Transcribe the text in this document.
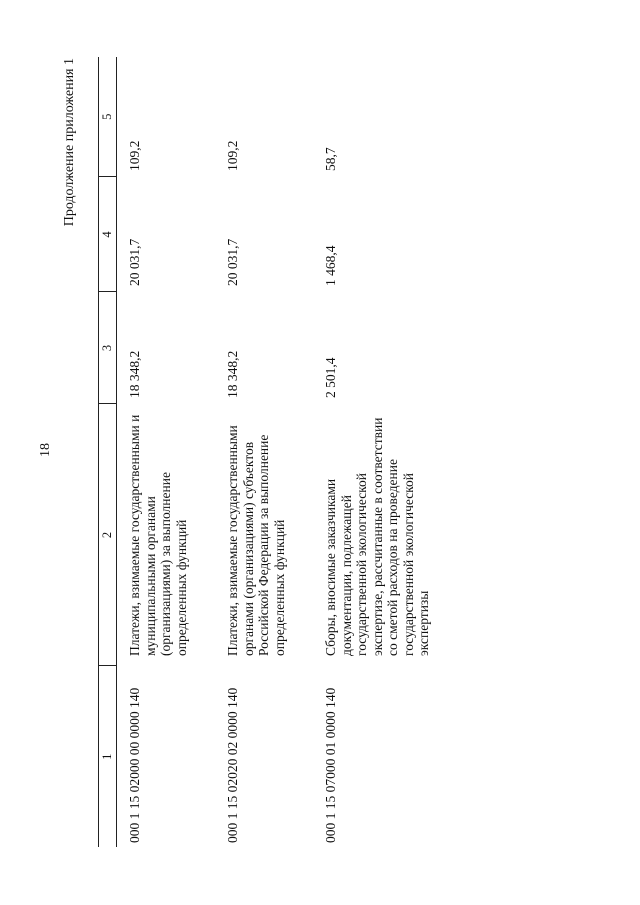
18
Продолжение приложения 1
1	2	3	4	5
000 1 15 02000 00 0000 140	Платежи, взимаемые государственными и муниципальными органами (организациями) за выполнение определенных функций	18 348,2	20 031,7	109,2
000 1 15 02020 02 0000 140	Платежи, взимаемые государственными органами (организациями) субъектов Российской Федерации за выполнение определенных функций	18 348,2	20 031,7	109,2
000 1 15 07000 01 0000 140	Сборы, вносимые заказчиками документации, подлежащей государственной экологической экспертизе, рассчитанные в соответствии со сметой расходов на проведение государственной экологической экспертизы	2 501,4	1 468,4	58,7
